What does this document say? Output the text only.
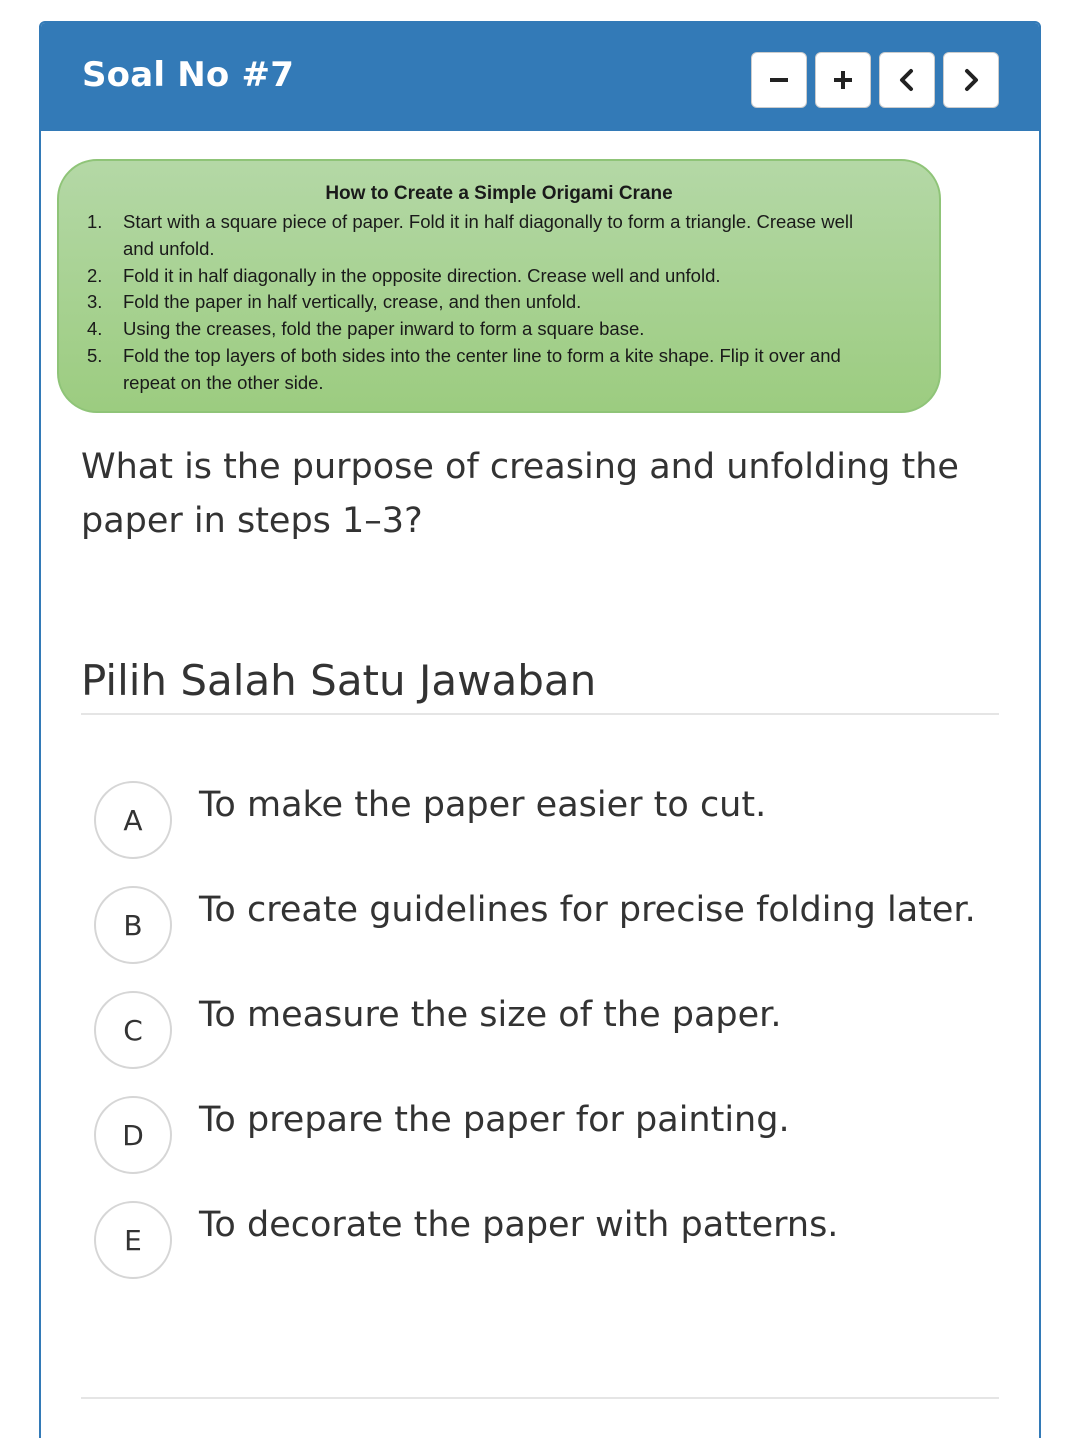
Soal No #7
How to Create a Simple Origami Crane
1.	Start with a square piece of paper. Fold it in half diagonally to form a triangle. Crease well and unfold.
2.	Fold it in half diagonally in the opposite direction. Crease well and unfold.
3.	Fold the paper in half vertically, crease, and then unfold.
4.	Using the creases, fold the paper inward to form a square base.
5.	Fold the top layers of both sides into the center line to form a kite shape. Flip it over and repeat on the other side.
What is the purpose of creasing and unfolding the paper in steps 1–3?
Pilih Salah Satu Jawaban
A	To make the paper easier to cut.
B	To create guidelines for precise folding later.
C	To measure the size of the paper.
D	To prepare the paper for painting.
E	To decorate the paper with patterns.
